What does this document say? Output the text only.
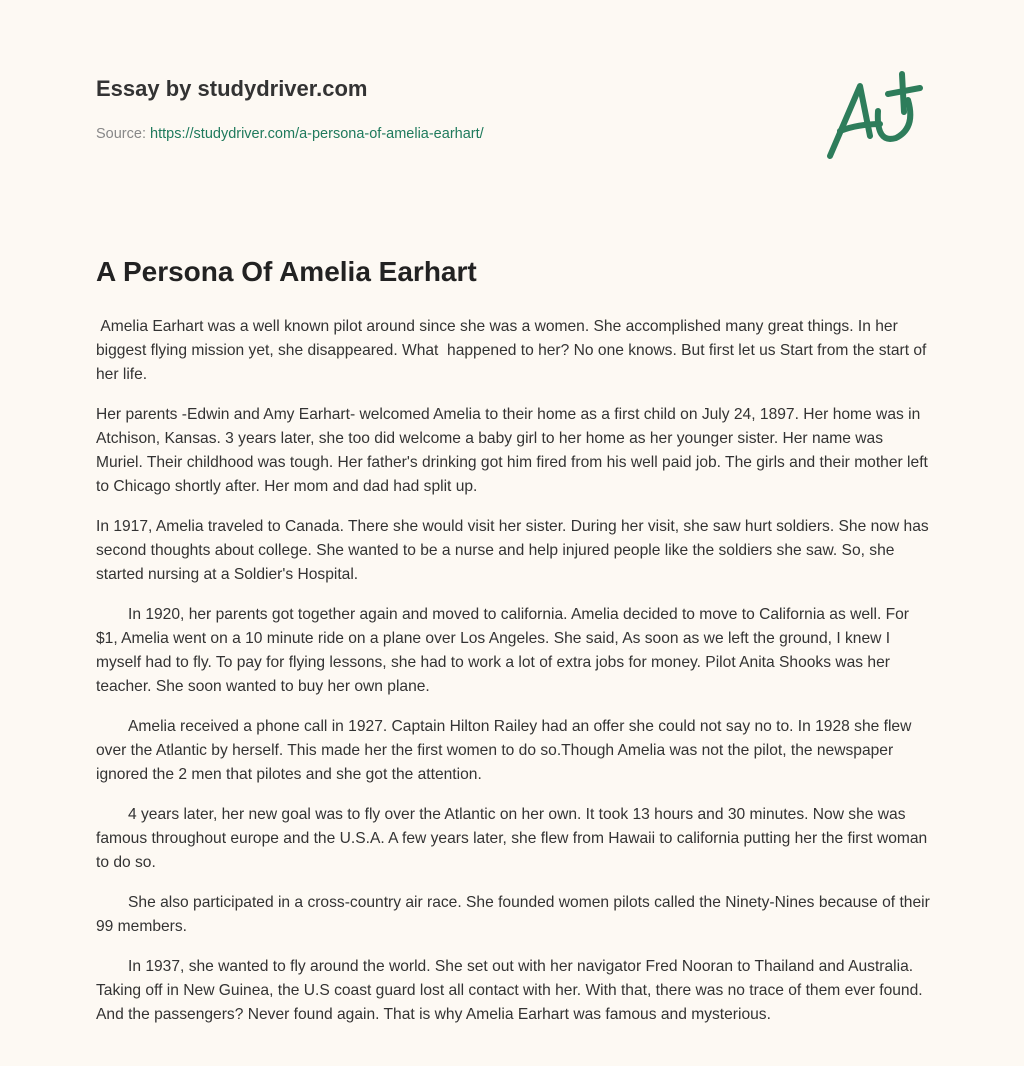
Essay by studydriver.com
Source: https://studydriver.com/a-persona-of-amelia-earhart/
A Persona Of Amelia Earhart

Amelia Earhart was a well known pilot around since she was a women. She accomplished many great things. In her biggest flying mission yet, she disappeared. What  happened to her? No one knows. But first let us Start from the start of her life.

Her parents -Edwin and Amy Earhart- welcomed Amelia to their home as a first child on July 24, 1897. Her home was in Atchison, Kansas. 3 years later, she too did welcome a baby girl to her home as her younger sister. Her name was Muriel. Their childhood was tough. Her father's drinking got him fired from his well paid job. The girls and their mother left to Chicago shortly after. Her mom and dad had split up.

In 1917, Amelia traveled to Canada. There she would visit her sister. During her visit, she saw hurt soldiers. She now has second thoughts about college. She wanted to be a nurse and help injured people like the soldiers she saw. So, she started nursing at a Soldier's Hospital.

In 1920, her parents got together again and moved to california. Amelia decided to move to California as well. For $1, Amelia went on a 10 minute ride on a plane over Los Angeles. She said, As soon as we left the ground, I knew I myself had to fly. To pay for flying lessons, she had to work a lot of extra jobs for money. Pilot Anita Shooks was her teacher. She soon wanted to buy her own plane.

Amelia received a phone call in 1927. Captain Hilton Railey had an offer she could not say no to. In 1928 she flew over the Atlantic by herself. This made her the first women to do so.Though Amelia was not the pilot, the newspaper ignored the 2 men that pilotes and she got the attention.

4 years later, her new goal was to fly over the Atlantic on her own. It took 13 hours and 30 minutes. Now she was famous throughout europe and the U.S.A. A few years later, she flew from Hawaii to california putting her the first woman to do so.

She also participated in a cross-country air race. She founded women pilots called the Ninety-Nines because of their 99 members.

In 1937, she wanted to fly around the world. She set out with her navigator Fred Nooran to Thailand and Australia. Taking off in New Guinea, the U.S coast guard lost all contact with her. With that, there was no trace of them ever found. And the passengers? Never found again. That is why Amelia Earhart was famous and mysterious.
